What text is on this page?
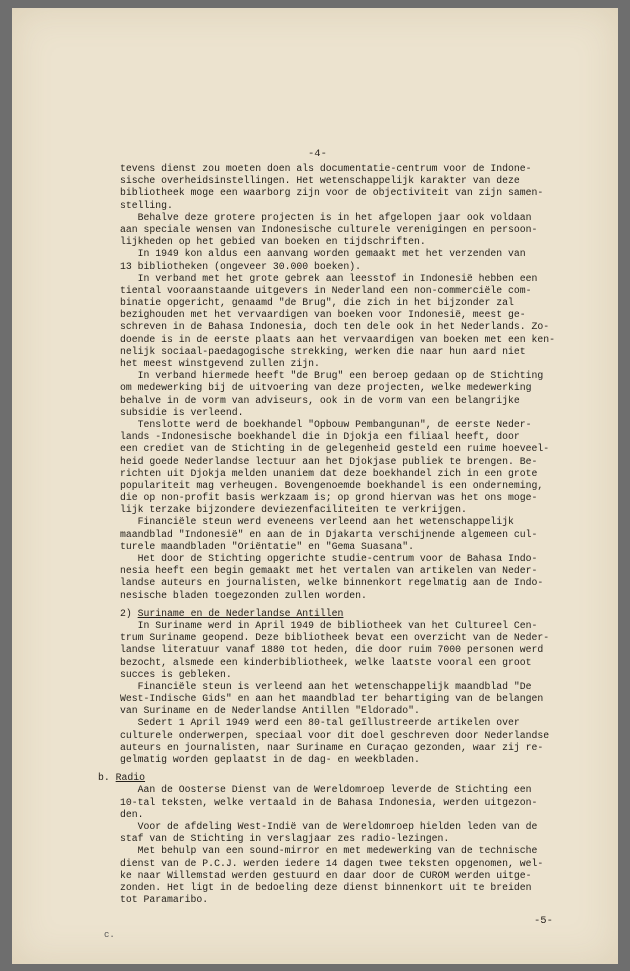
-4-
tevens dienst zou moeten doen als documentatie-centrum voor de Indone-
sische overheidsinstellingen. Het wetenschappelijk karakter van deze
bibliotheek moge een waarborg zijn voor de objectiviteit van zijn samen-
stelling.
Behalve deze grotere projecten is in het afgelopen jaar ook voldaan
aan speciale wensen van Indonesische culturele verenigingen en persoon-
lijkheden op het gebied van boeken en tijdschriften.
In 1949 kon aldus een aanvang worden gemaakt met het verzenden van
13 bibliotheken (ongeveer 30.000 boeken).
In verband met het grote gebrek aan leesstof in Indonesië hebben een
tiental vooraanstaande uitgevers in Nederland een non-commerciële com-
binatie opgericht, genaamd "de Brug", die zich in het bijzonder zal
bezighouden met het vervaardigen van boeken voor Indonesië, meest ge-
schreven in de Bahasa Indonesia, doch ten dele ook in het Nederlands. Zo-
doende is in de eerste plaats aan het vervaardigen van boeken met een ken-
nelijk sociaal-paedagogische strekking, werken die naar hun aard niet
het meest winstgevend zullen zijn.
In verband hiermede heeft "de Brug" een beroep gedaan op de Stichting
om medewerking bij de uitvoering van deze projecten, welke medewerking
behalve in de vorm van adviseurs, ook in de vorm van een belangrijke
subsidie is verleend.
Tenslotte werd de boekhandel "Opbouw Pembangunan", de eerste Neder-
lands -Indonesische boekhandel die in Djokja een filiaal heeft, door
een crediet van de Stichting in de gelegenheid gesteld een ruime hoeveel-
heid goede Nederlandse lectuur aan het Djokjase publiek te brengen. Be-
richten uit Djokja melden unaniem dat deze boekhandel zich in een grote
populariteit mag verheugen. Bovengenoemde boekhandel is een onderneming,
die op non-profit basis werkzaam is; op grond hiervan was het ons moge-
lijk terzake bijzondere deviezenfaciliteiten te verkrijgen.
Financiële steun werd eveneens verleend aan het wetenschappelijk
maandblad "Indonesië" en aan de in Djakarta verschijnende algemeen cul-
turele maandbladen "Oriëntatie" en "Gema Suasana".
Het door de Stichting opgerichte studie-centrum voor de Bahasa Indo-
nesia heeft een begin gemaakt met het vertalen van artikelen van Neder-
landse auteurs en journalisten, welke binnenkort regelmatig aan de Indo-
nesische bladen toegezonden zullen worden.
2) Suriname en de Nederlandse Antillen
In Suriname werd in April 1949 de bibliotheek van het Cultureel Cen-
trum Suriname geopend. Deze bibliotheek bevat een overzicht van de Neder-
landse literatuur vanaf 1880 tot heden, die door ruim 7000 personen werd
bezocht, alsmede een kinderbibliotheek, welke laatste vooral een groot
succes is gebleken.
Financiële steun is verleend aan het wetenschappelijk maandblad "De
West-Indische Gids" en aan het maandblad ter behartiging van de belangen
van Suriname en de Nederlandse Antillen "Eldorado".
Sedert 1 April 1949 werd een 80-tal geïllustreerde artikelen over
culturele onderwerpen, speciaal voor dit doel geschreven door Nederlandse
auteurs en journalisten, naar Suriname en Curaçao gezonden, waar zij re-
gelmatig worden geplaatst in de dag- en weekbladen.
b. Radio
Aan de Oosterse Dienst van de Wereldomroep leverde de Stichting een
10-tal teksten, welke vertaald in de Bahasa Indonesia, werden uitgezon-
den.
Voor de afdeling West-Indië van de Wereldomroep hielden leden van de
staf van de Stichting in verslagjaar zes radio-lezingen.
Met behulp van een sound-mirror en met medewerking van de technische
dienst van de P.C.J. werden iedere 14 dagen twee teksten opgenomen, wel-
ke naar Willemstad werden gestuurd en daar door de CUROM werden uitge-
zonden. Het ligt in de bedoeling deze dienst binnenkort uit te breiden
tot Paramaribo.
-5-
c.
